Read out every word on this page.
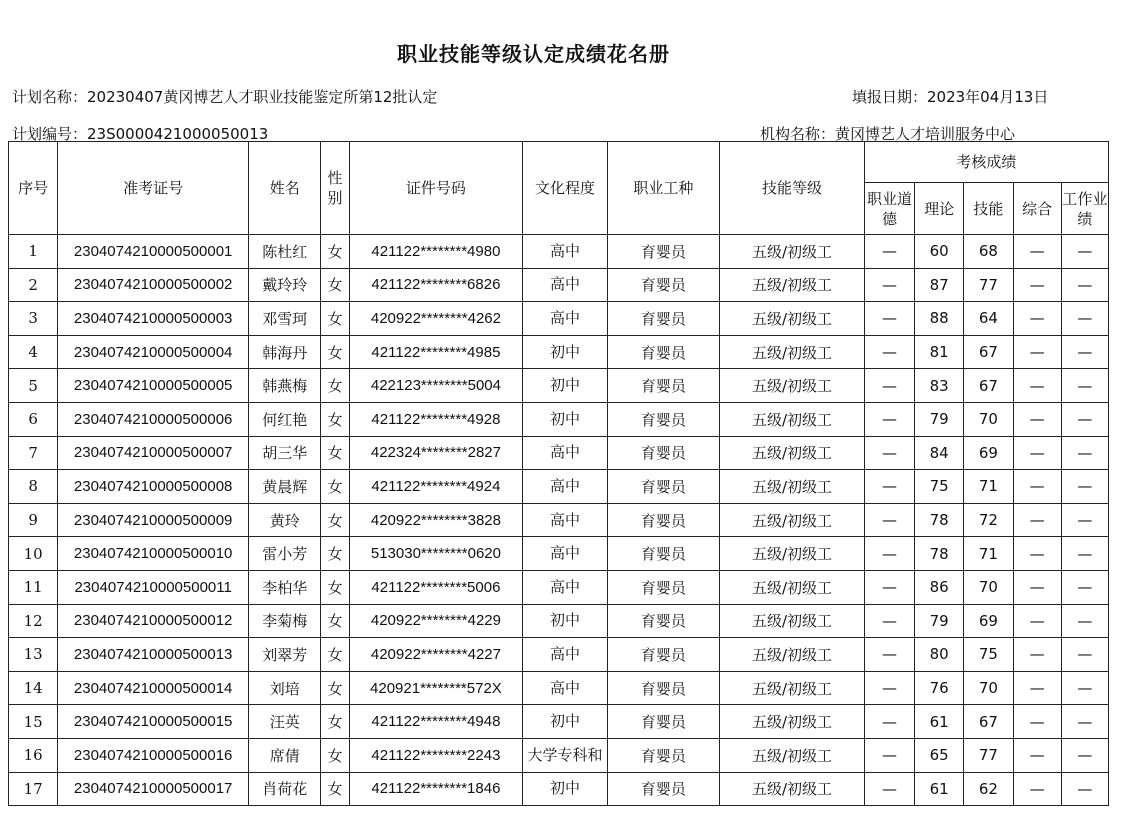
职业技能等级认定成绩花名册
计划名称：20230407黄冈博艺人才职业技能鉴定所第12批认定	填报日期：2023年04月13日
计划编号：23S0000421000050013	机构名称：黄冈博艺人才培训服务中心
序号	准考证号	姓名	性别	证件号码	文化程度	职业工种	技能等级	考核成绩				
								职业道德	理论	技能	综合	工作业绩
1	2304074210000500001	陈杜红	女	421122********4980	高中	育婴员	五级/初级工	—	60	68	—	—
2	2304074210000500002	戴玲玲	女	421122********6826	高中	育婴员	五级/初级工	—	87	77	—	—
3	2304074210000500003	邓雪珂	女	420922********4262	高中	育婴员	五级/初级工	—	88	64	—	—
4	2304074210000500004	韩海丹	女	421122********4985	初中	育婴员	五级/初级工	—	81	67	—	—
5	2304074210000500005	韩燕梅	女	422123********5004	初中	育婴员	五级/初级工	—	83	67	—	—
6	2304074210000500006	何红艳	女	421122********4928	初中	育婴员	五级/初级工	—	79	70	—	—
7	2304074210000500007	胡三华	女	422324********2827	高中	育婴员	五级/初级工	—	84	69	—	—
8	2304074210000500008	黄晨辉	女	421122********4924	高中	育婴员	五级/初级工	—	75	71	—	—
9	2304074210000500009	黄玲	女	420922********3828	高中	育婴员	五级/初级工	—	78	72	—	—
10	2304074210000500010	雷小芳	女	513030********0620	高中	育婴员	五级/初级工	—	78	71	—	—
11	2304074210000500011	李柏华	女	421122********5006	高中	育婴员	五级/初级工	—	86	70	—	—
12	2304074210000500012	李菊梅	女	420922********4229	初中	育婴员	五级/初级工	—	79	69	—	—
13	2304074210000500013	刘翠芳	女	420922********4227	高中	育婴员	五级/初级工	—	80	75	—	—
14	2304074210000500014	刘培	女	420921********572X	高中	育婴员	五级/初级工	—	76	70	—	—
15	2304074210000500015	汪英	女	421122********4948	初中	育婴员	五级/初级工	—	61	67	—	—
16	2304074210000500016	席倩	女	421122********2243	大学专科和	育婴员	五级/初级工	—	65	77	—	—
17	2304074210000500017	肖荷花	女	421122********1846	初中	育婴员	五级/初级工	—	61	62	—	—
